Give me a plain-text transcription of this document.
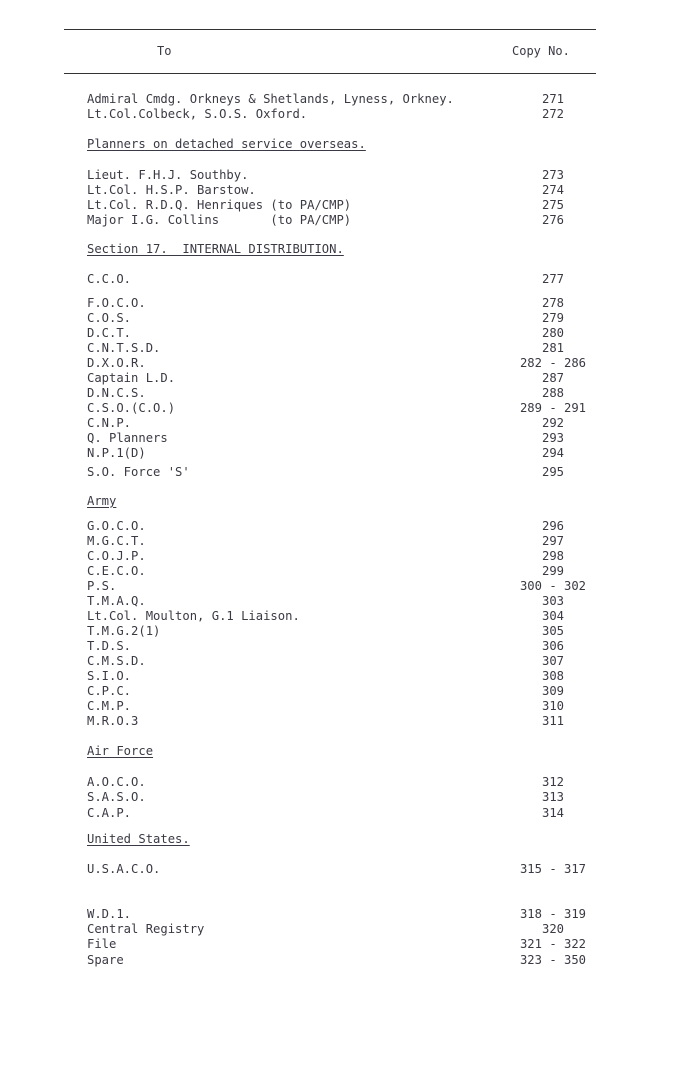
To	Copy No.
Admiral Cmdg. Orkneys & Shetlands, Lyness, Orkney.	271
Lt.Col.Colbeck, S.O.S. Oxford.	272
Planners on detached service overseas.
Lieut. F.H.J. Southby.	273
Lt.Col. H.S.P. Barstow.	274
Lt.Col. R.D.Q. Henriques (to PA/CMP)	275
Major I.G. Collins       (to PA/CMP)	276
Section 17.  INTERNAL DISTRIBUTION.
C.C.O.	277
F.O.C.O.	278
C.O.S.	279
D.C.T.	280
C.N.T.S.D.	281
D.X.O.R.	282 - 286
Captain L.D.	287
D.N.C.S.	288
C.S.O.(C.O.)	289 - 291
C.N.P.	292
Q. Planners	293
N.P.1(D)	294
S.O. Force 'S'	295
Army
G.O.C.O.	296
M.G.C.T.	297
C.O.J.P.	298
C.E.C.O.	299
P.S.	300 - 302
T.M.A.Q.	303
Lt.Col. Moulton, G.1 Liaison.	304
T.M.G.2(1)	305
T.D.S.	306
C.M.S.D.	307
S.I.O.	308
C.P.C.	309
C.M.P.	310
M.R.O.3	311
Air Force
A.O.C.O.	312
S.A.S.O.	313
C.A.P.	314
United States.
U.S.A.C.O.	315 - 317
W.D.1.	318 - 319
Central Registry	320
File	321 - 322
Spare	323 - 350
